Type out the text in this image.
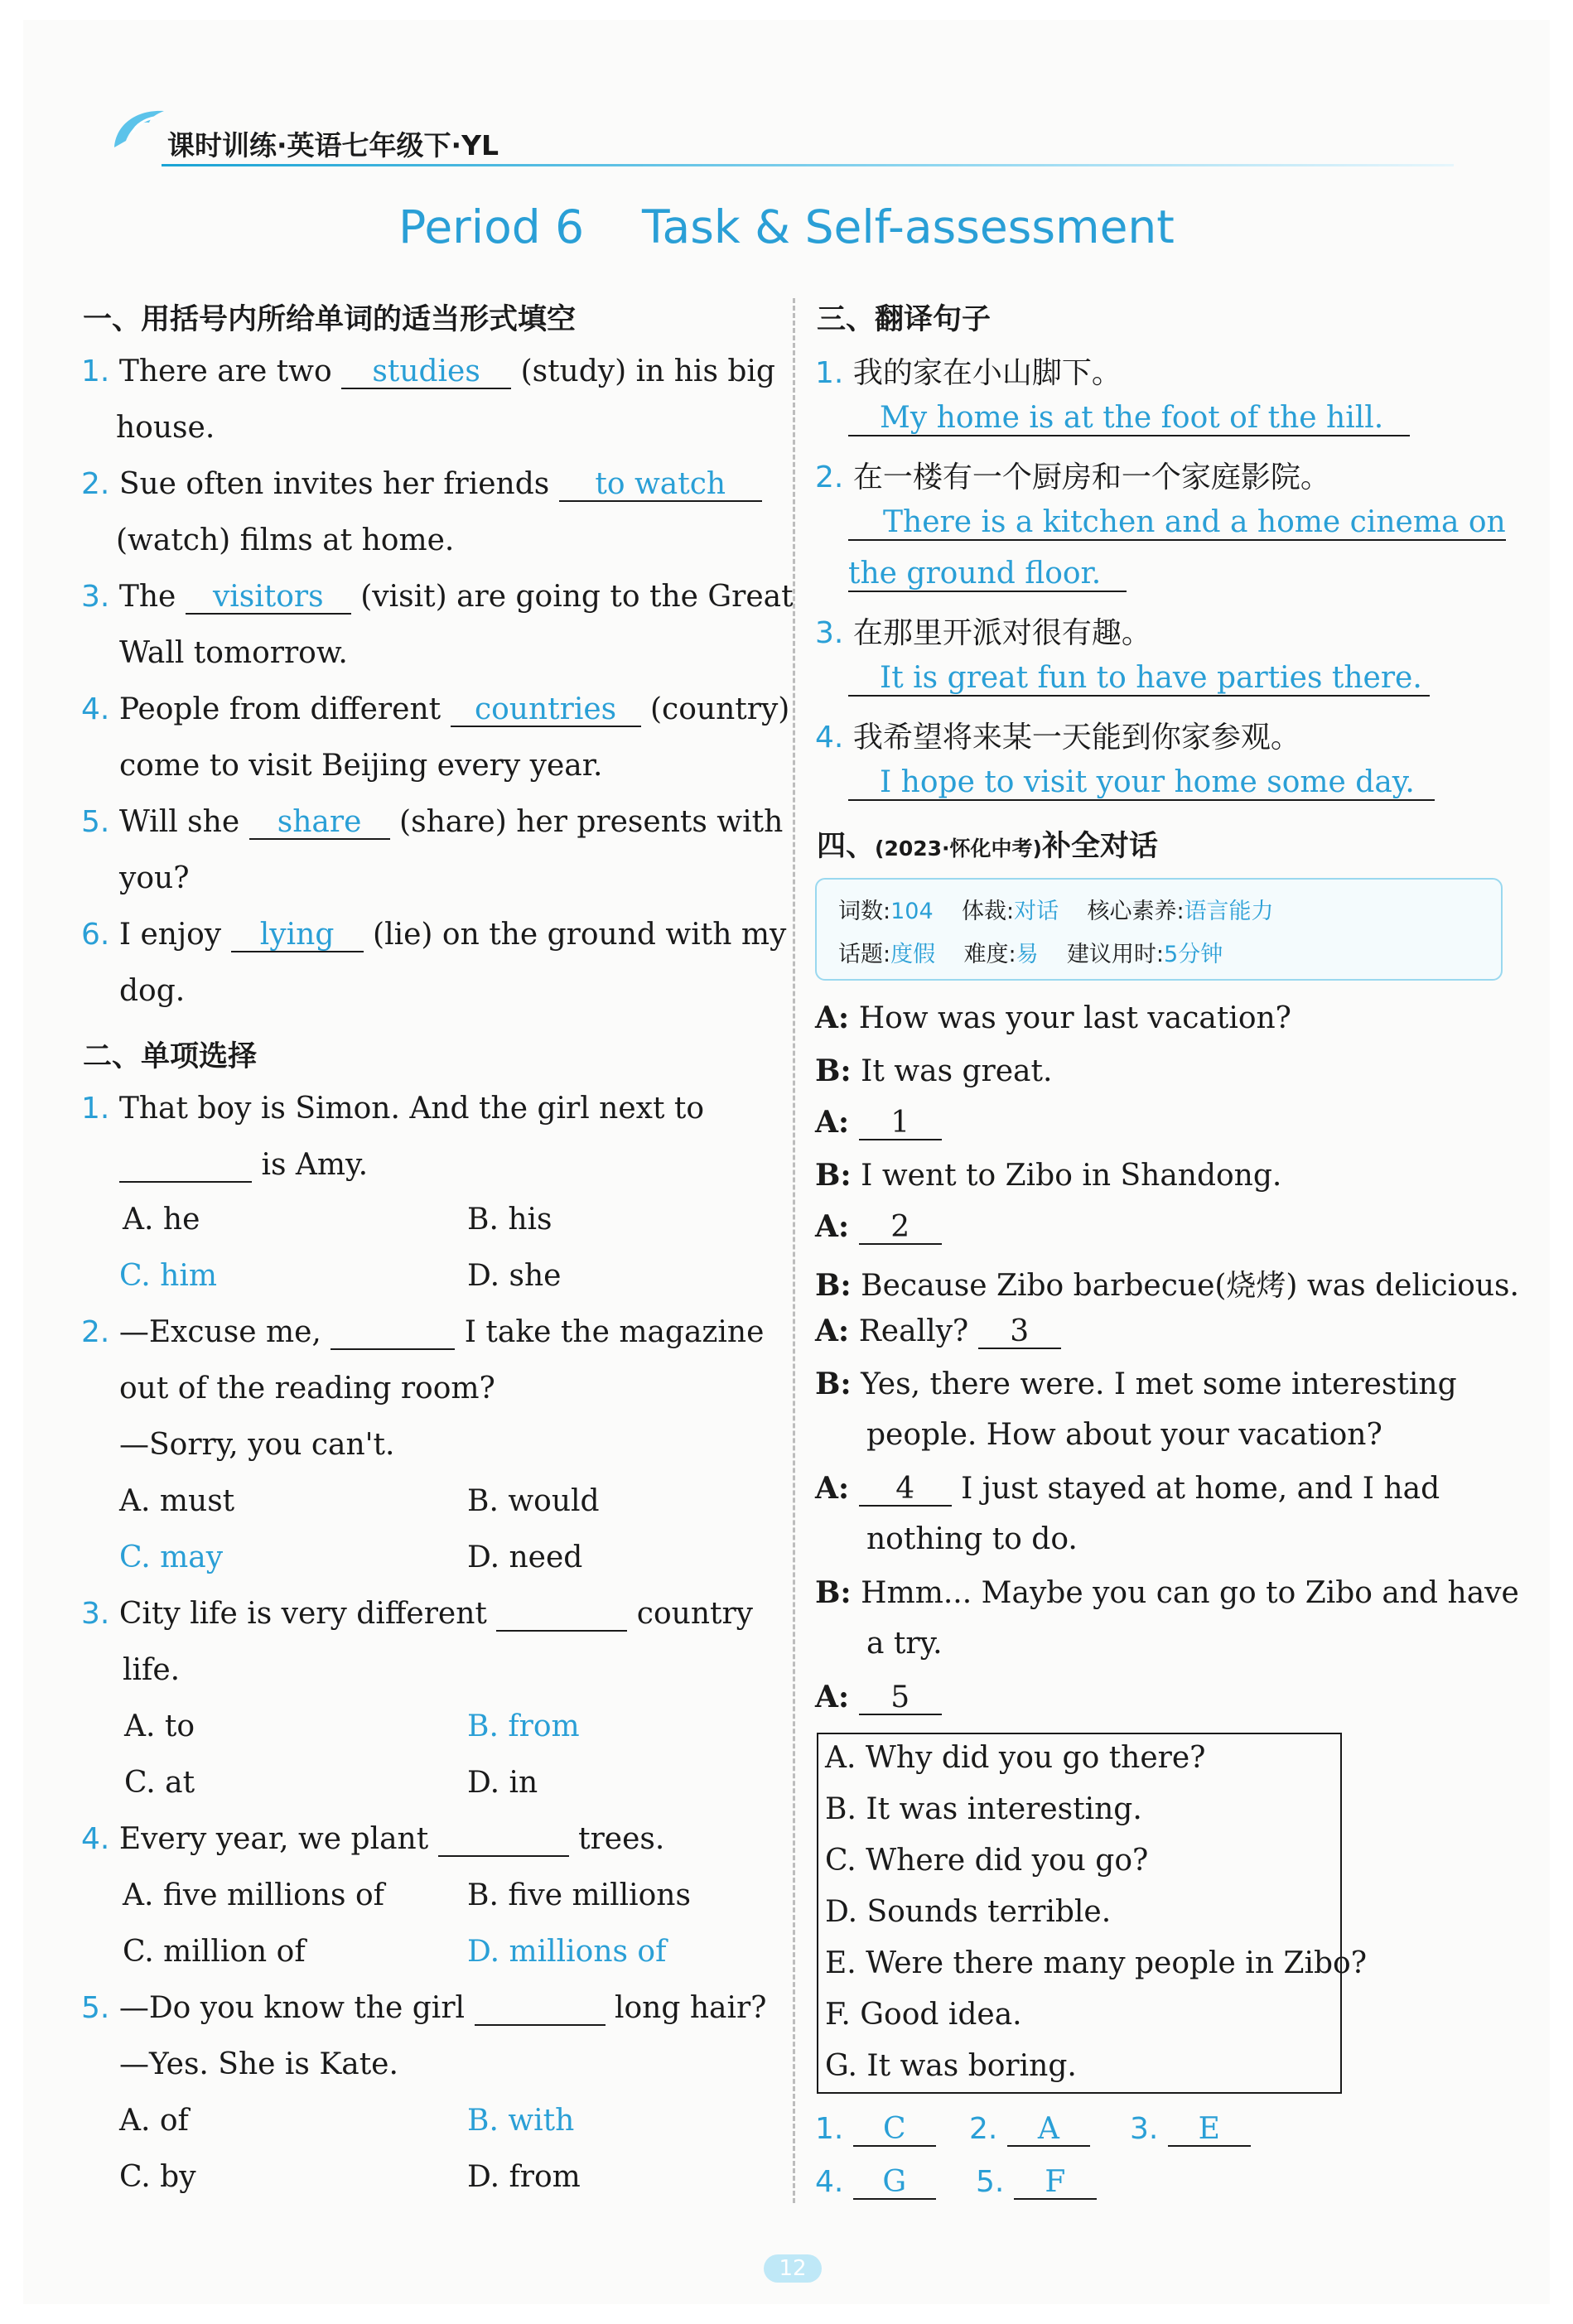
课时训练·英语七年级下·YL
Period 6    Task & Self-assessment
一、用括号内所给单词的适当形式填空
1. There are two studies (study) in his big
house.
2. Sue often invites her friends to watch
(watch) films at home.
3. The visitors (visit) are going to the Great
Wall tomorrow.
4. People from different countries (country)
come to visit Beijing every year.
5. Will she share (share) her presents with
you?
6. I enjoy lying (lie) on the ground with my
dog.
二、单项选择
1. That boy is Simon. And the girl next to
is Amy.
A. he	B. his
C. him	D. she
2. —Excuse me,	I take the magazine
out of the reading room?
—Sorry, you can't.
A. must	B. would
C. may	D. need
3. City life is very different	country
life.
A. to	B. from
C. at	D. in
4. Every year, we plant	trees.
A. five millions of	B. five millions
C. million of	D. millions of
5. —Do you know the girl	long hair?
—Yes. She is Kate.
A. of	B. with
C. by	D. from
三、翻译句子
1. 我的家在小山脚下。
My home is at the foot of the hill.
2. 在一楼有一个厨房和一个家庭影院。
There is a kitchen and a home cinema on
the ground floor.
3. 在那里开派对很有趣。
It is great fun to have parties there.
4. 我希望将来某一天能到你家参观。
I hope to visit your home some day.
四、(2023·怀化中考)补全对话
词数:104 体裁:对话 核心素养:语言能力
话题:度假 难度:易 建议用时:5分钟
A: How was your last vacation?
B: It was great.
A: 1
B: I went to Zibo in Shandong.
A: 2
B: Because Zibo barbecue(烧烤) was delicious.
A: Really? 3
B: Yes, there were. I met some interesting
people. How about your vacation?
A: 4 I just stayed at home, and I had
nothing to do.
B: Hmm... Maybe you can go to Zibo and have
a try.
A: 5
A. Why did you go there?
B. It was interesting.
C. Where did you go?
D. Sounds terrible.
E. Were there many people in Zibo?
F. Good idea.
G. It was boring.
1. C	2. A	3. E
4. G	5. F
12
